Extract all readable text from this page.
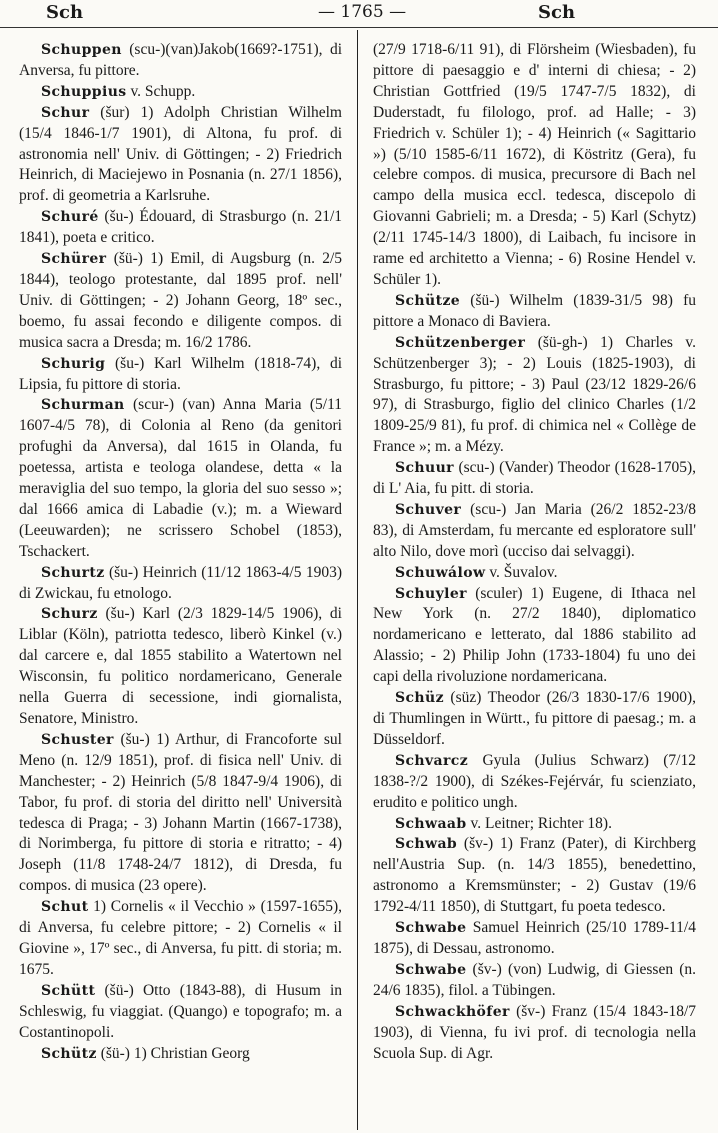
Sch	— 1765 —	Sch

Schuppen (scu-)(van)Jakob(1669?-1751), di Anversa, fu pittore.

Schuppius v. Schupp.

Schur (šur) 1) Adolph Christian Wilhelm (15/4 1846-1/7 1901), di Altona, fu prof. di astronomia nell' Univ. di Göttingen; - 2) Friedrich Heinrich, di Maciejewo in Posnania (n. 27/1 1856), prof. di geometria a Karlsruhe.

Schuré (šu-) Édouard, di Strasburgo (n. 21/1 1841), poeta e critico.

Schürer (šü-) 1) Emil, di Augsburg (n. 2/5 1844), teologo protestante, dal 1895 prof. nell' Univ. di Göttingen; - 2) Johann Georg, 18º sec., boemo, fu assai fecondo e diligente compos. di musica sacra a Dresda; m. 16/2 1786.

Schurig (šu-) Karl Wilhelm (1818-74), di Lipsia, fu pittore di storia.

Schurman (scur-) (van) Anna Maria (5/11 1607-4/5 78), di Colonia al Reno (da genitori profughi da Anversa), dal 1615 in Olanda, fu poetessa, artista e teologa olandese, detta « la meraviglia del suo tempo, la gloria del suo sesso »; dal 1666 amica di Labadie (v.); m. a Wieward (Leeuwarden); ne scrissero Schobel (1853), Tschackert.

Schurtz (šu-) Heinrich (11/12 1863-4/5 1903) di Zwickau, fu etnologo.

Schurz (šu-) Karl (2/3 1829-14/5 1906), di Liblar (Köln), patriotta tedesco, liberò Kinkel (v.) dal carcere e, dal 1855 stabilito a Watertown nel Wisconsin, fu politico nordamericano, Generale nella Guerra di secessione, indi giornalista, Senatore, Ministro.

Schuster (šu-) 1) Arthur, di Francoforte sul Meno (n. 12/9 1851), prof. di fisica nell' Univ. di Manchester; - 2) Heinrich (5/8 1847-9/4 1906), di Tabor, fu prof. di storia del diritto nell' Università tedesca di Praga; - 3) Johann Martin (1667-1738), di Norimberga, fu pittore di storia e ritratto; - 4) Joseph (11/8 1748-24/7 1812), di Dresda, fu compos. di musica (23 opere).

Schut 1) Cornelis « il Vecchio » (1597-1655), di Anversa, fu celebre pittore; - 2) Cornelis « il Giovine », 17º sec., di Anversa, fu pitt. di storia; m. 1675.

Schütt (šü-) Otto (1843-88), di Husum in Schleswig, fu viaggiat. (Quango) e topografo; m. a Costantinopoli.

Schütz (šü-) 1) Christian Georg

(27/9 1718-6/11 91), di Flörsheim (Wiesbaden), fu pittore di paesaggio e d' interni di chiesa; - 2) Christian Gottfried (19/5 1747-7/5 1832), di Duderstadt, fu filologo, prof. ad Halle; - 3) Friedrich v. Schüler 1); - 4) Heinrich (« Sagittario ») (5/10 1585-6/11 1672), di Köstritz (Gera), fu celebre compos. di musica, precursore di Bach nel campo della musica eccl. tedesca, discepolo di Giovanni Gabrieli; m. a Dresda; - 5) Karl (Schytz) (2/11 1745-14/3 1800), di Laibach, fu incisore in rame ed architetto a Vienna; - 6) Rosine Hendel v. Schüler 1).

Schütze (šü-) Wilhelm (1839-31/5 98) fu pittore a Monaco di Baviera.

Schützenberger (šü-gh-) 1) Charles v. Schützenberger 3); - 2) Louis (1825-1903), di Strasburgo, fu pittore; - 3) Paul (23/12 1829-26/6 97), di Strasburgo, figlio del clinico Charles (1/2 1809-25/9 81), fu prof. di chimica nel « Collège de France »; m. a Mézy.

Schuur (scu-) (Vander) Theodor (1628-1705), di L' Aia, fu pitt. di storia.

Schuver (scu-) Jan Maria (26/2 1852-23/8 83), di Amsterdam, fu mercante ed esploratore sull' alto Nilo, dove morì (ucciso dai selvaggi).

Schuwálow v. Šuvalov.

Schuyler (sculer) 1) Eugene, di Ithaca nel New York (n. 27/2 1840), diplomatico nordamericano e letterato, dal 1886 stabilito ad Alassio; - 2) Philip John (1733-1804) fu uno dei capi della rivoluzione nordamericana.

Schüz (süz) Theodor (26/3 1830-17/6 1900), di Thumlingen in Württ., fu pittore di paesag.; m. a Düsseldorf.

Schvarcz Gyula (Julius Schwarz) (7/12 1838-?/2 1900), di Székes-Fejérvár, fu scienziato, erudito e politico ungh.

Schwaab v. Leitner; Richter 18).

Schwab (šv-) 1) Franz (Pater), di Kirchberg nell'Austria Sup. (n. 14/3 1855), benedettino, astronomo a Kremsmünster; - 2) Gustav (19/6 1792-4/11 1850), di Stuttgart, fu poeta tedesco.

Schwabe Samuel Heinrich (25/10 1789-11/4 1875), di Dessau, astronomo.

Schwabe (šv-) (von) Ludwig, di Giessen (n. 24/6 1835), filol. a Tübingen.

Schwackhöfer (šv-) Franz (15/4 1843-18/7 1903), di Vienna, fu ivi prof. di tecnologia nella Scuola Sup. di Agr.
